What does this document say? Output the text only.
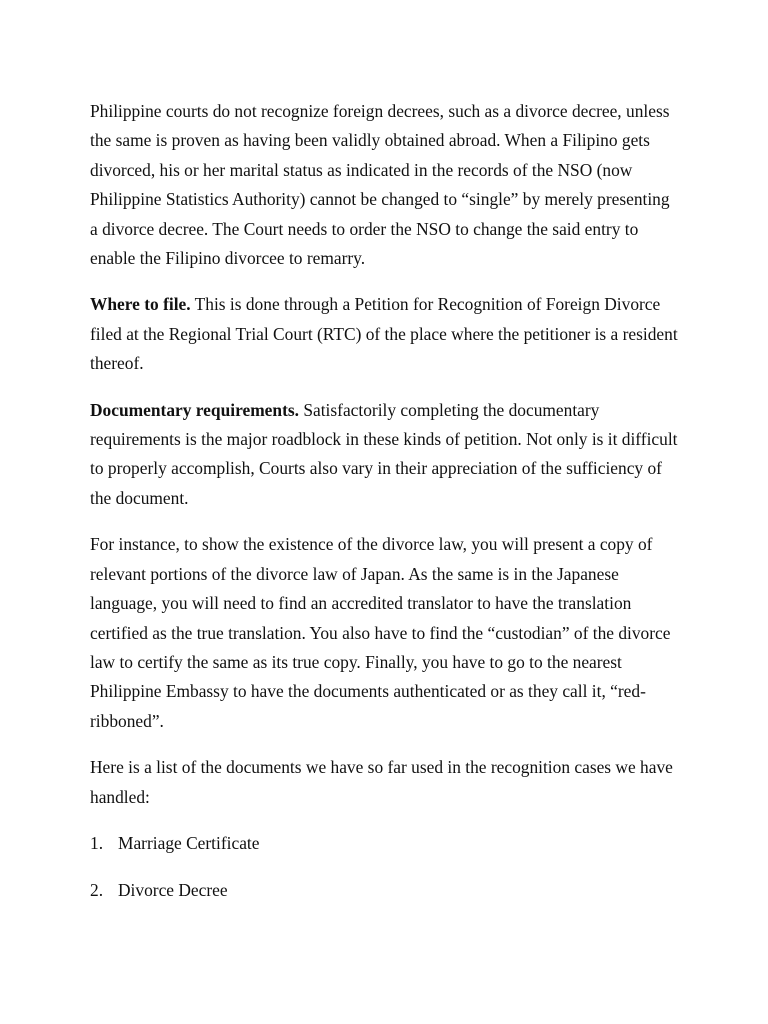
Philippine courts do not recognize foreign decrees, such as a divorce decree, unless the same is proven as having been validly obtained abroad. When a Filipino gets divorced, his or her marital status as indicated in the records of the NSO (now Philippine Statistics Authority) cannot be changed to “single” by merely presenting a divorce decree. The Court needs to order the NSO to change the said entry to enable the Filipino divorcee to remarry.

Where to file. This is done through a Petition for Recognition of Foreign Divorce filed at the Regional Trial Court (RTC) of the place where the petitioner is a resident thereof.

Documentary requirements. Satisfactorily completing the documentary requirements is the major roadblock in these kinds of petition. Not only is it difficult to properly accomplish, Courts also vary in their appreciation of the sufficiency of the document.

For instance, to show the existence of the divorce law, you will present a copy of relevant portions of the divorce law of Japan. As the same is in the Japanese language, you will need to find an accredited translator to have the translation certified as the true translation. You also have to find the “custodian” of the divorce law to certify the same as its true copy. Finally, you have to go to the nearest Philippine Embassy to have the documents authenticated or as they call it, “red-ribboned”.

Here is a list of the documents we have so far used in the recognition cases we have handled:

1. Marriage Certificate
2. Divorce Decree
